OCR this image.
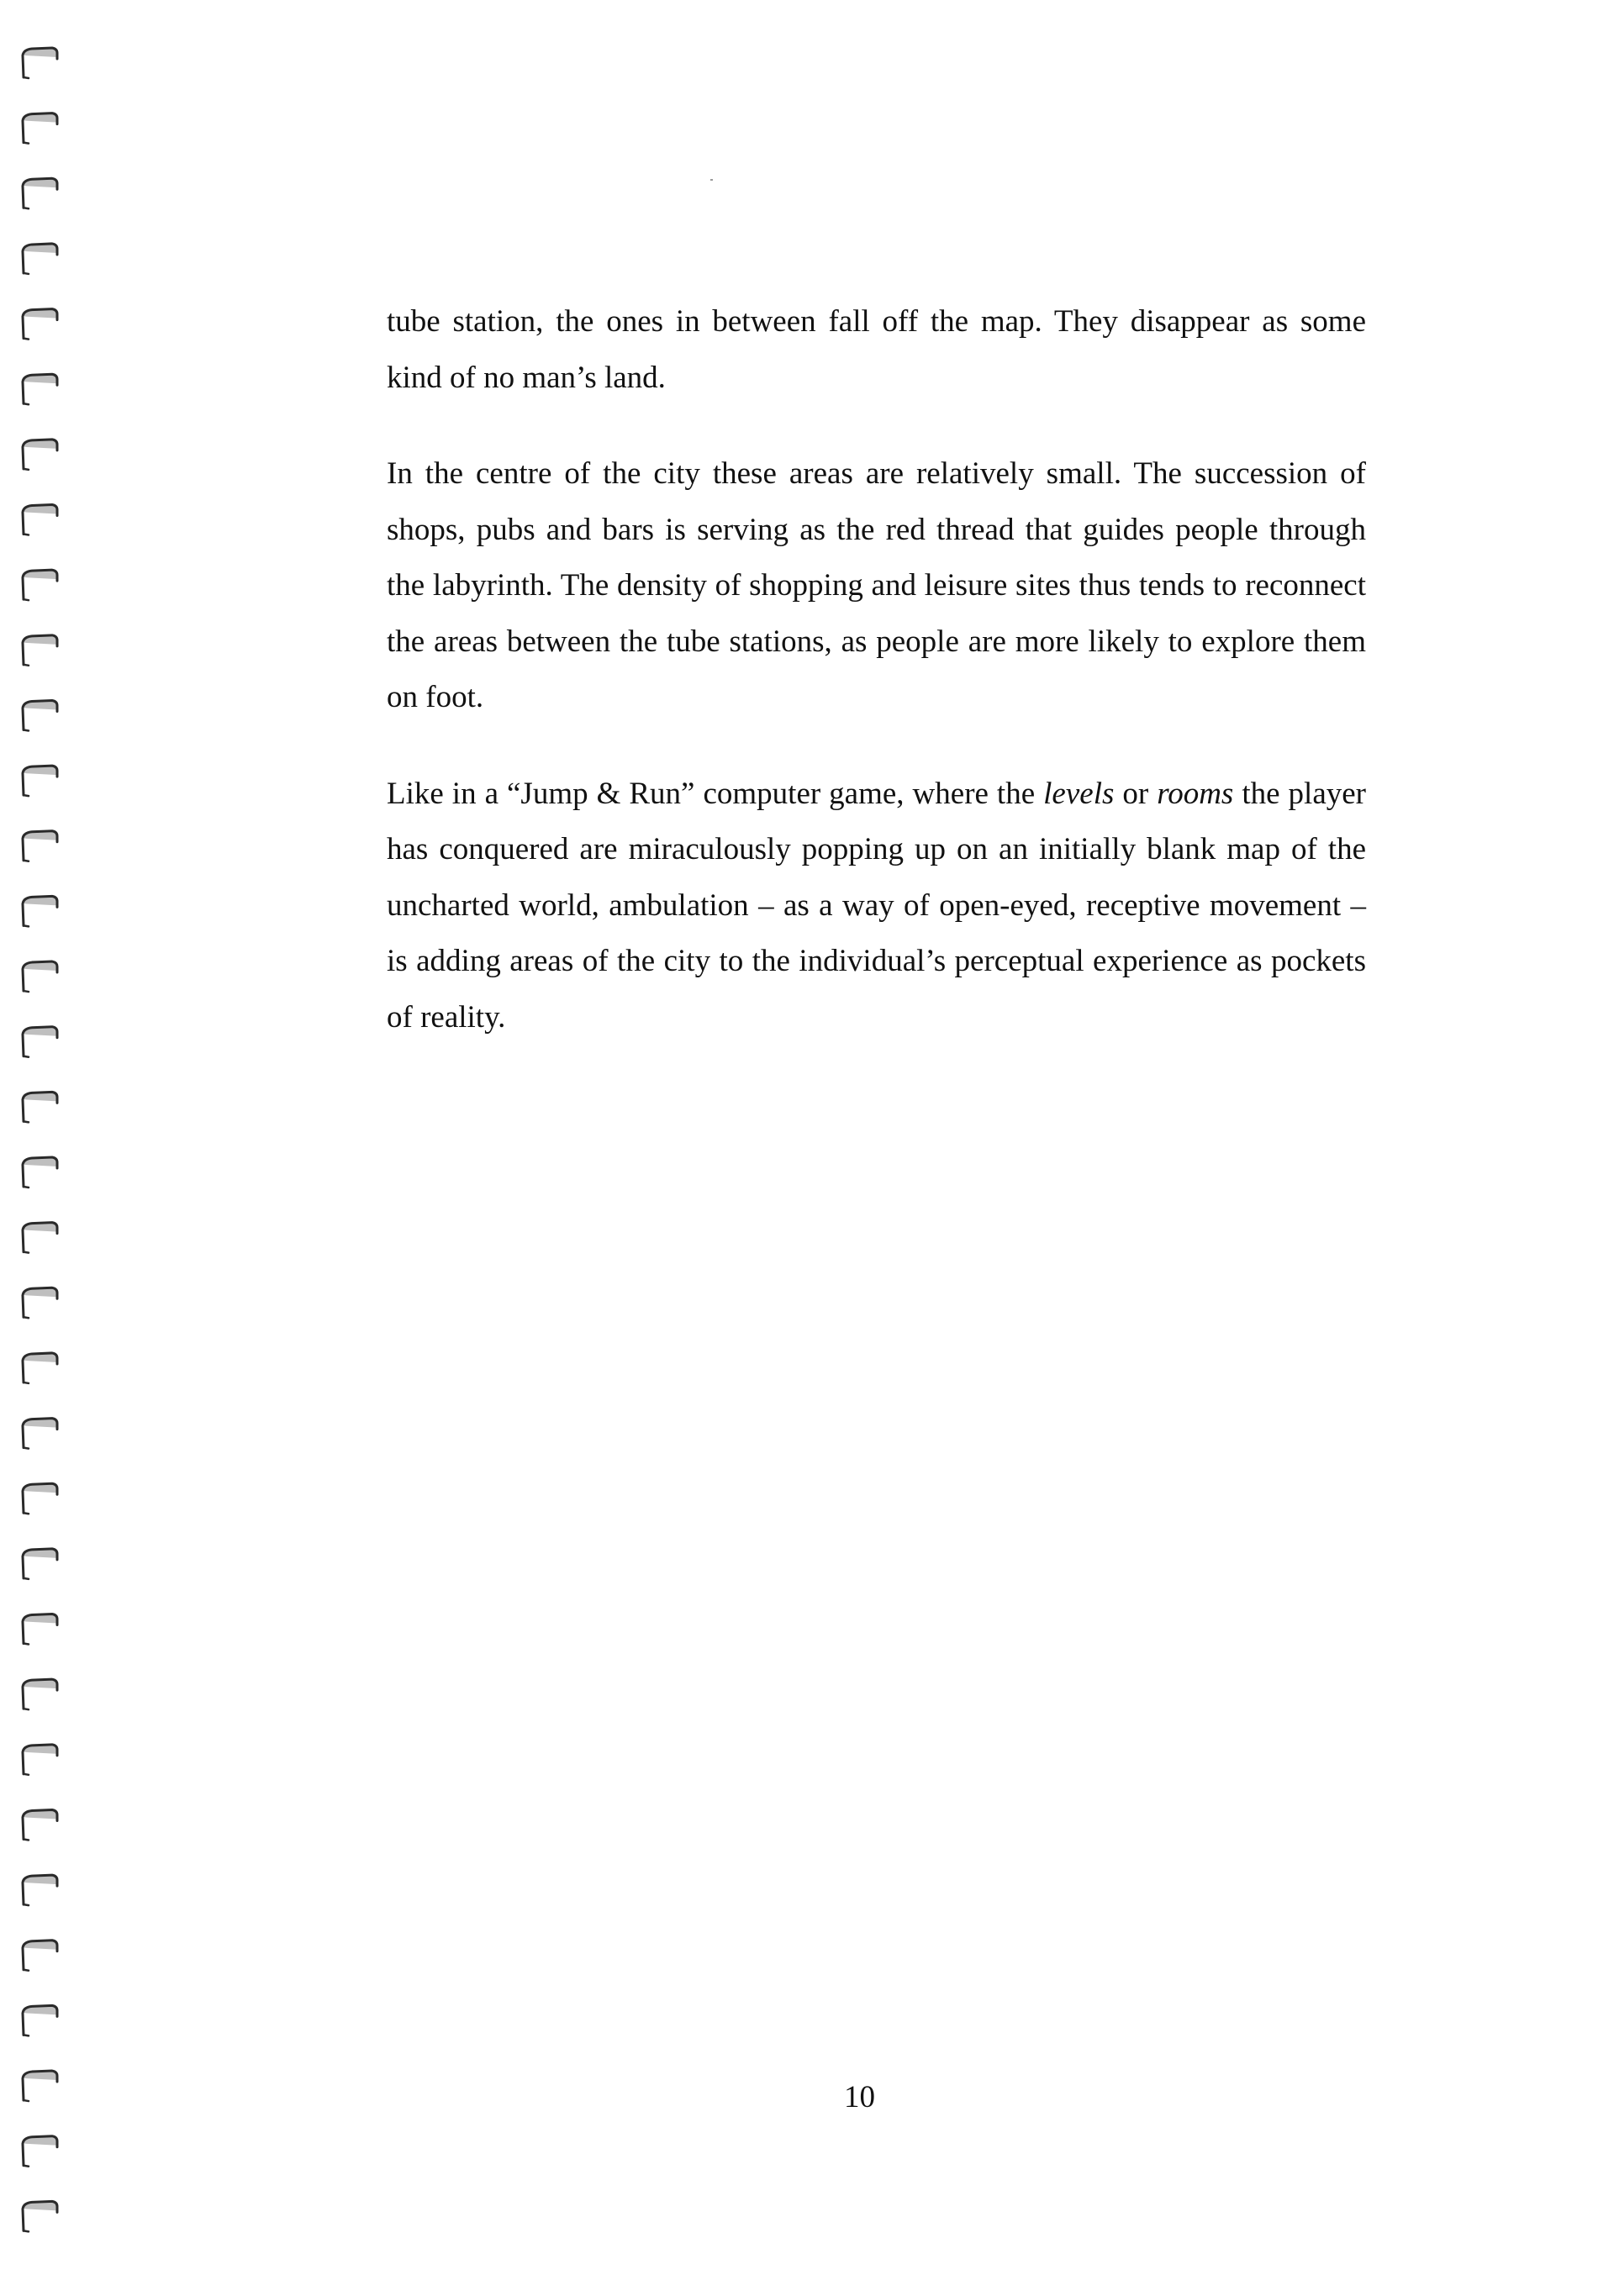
tube station, the ones in between fall off the map. They disappear as some kind of no man’s land.

In the centre of the city these areas are relatively small. The succession of shops, pubs and bars is serving as the red thread that guides people through the labyrinth. The density of shopping and leisure sites thus tends to reconnect the areas between the tube stations, as people are more likely to explore them on foot.

Like in a “Jump & Run” computer game, where the levels or rooms the player has conquered are miraculously popping up on an initially blank map of the uncharted world, ambulation – as a way of open-eyed, receptive movement – is adding areas of the city to the individual’s perceptual experience as pockets of reality.

10
